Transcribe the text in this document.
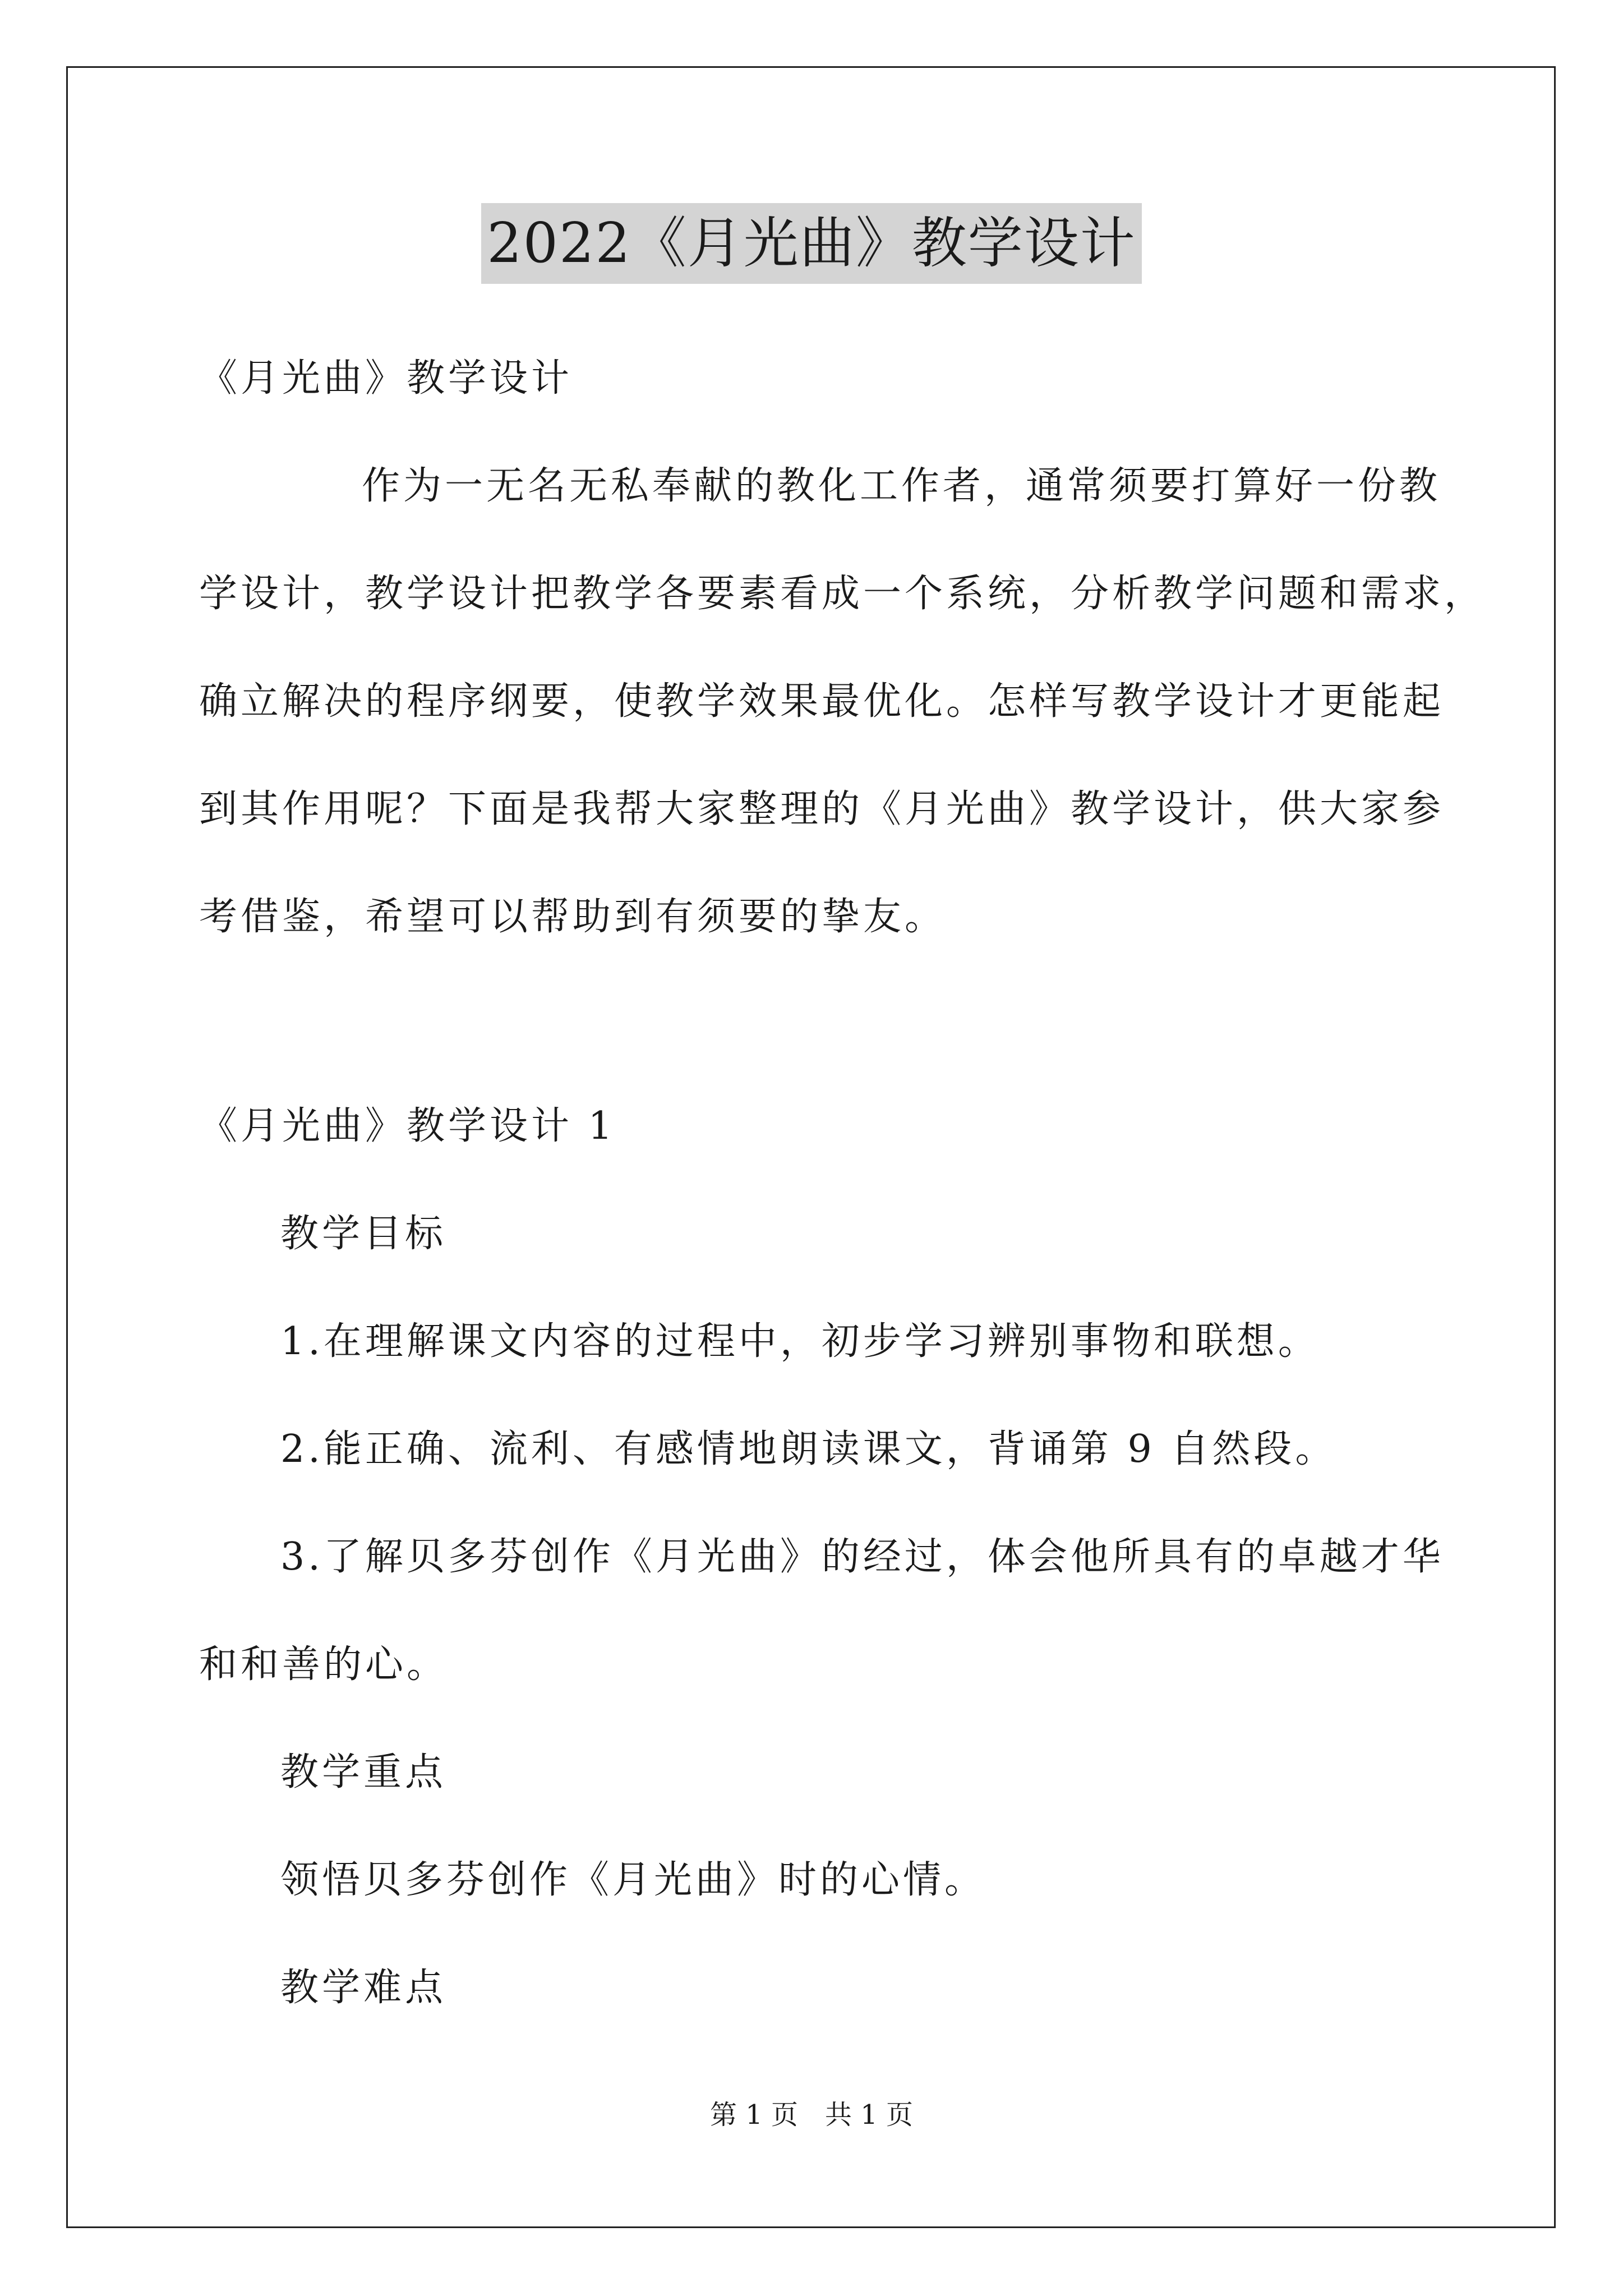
2022《月光曲》教学设计
《月光曲》教学设计
作为一无名无私奉献的教化工作者，通常须要打算好一份教
学设计，教学设计把教学各要素看成一个系统，分析教学问题和需求，
确立解决的程序纲要，使教学效果最优化。怎样写教学设计才更能起
到其作用呢？下面是我帮大家整理的《月光曲》教学设计，供大家参
考借鉴，希望可以帮助到有须要的挚友。
《月光曲》教学设计 1
教学目标
1.在理解课文内容的过程中，初步学习辨别事物和联想。
2.能正确、流利、有感情地朗读课文，背诵第 9 自然段。
3.了解贝多芬创作《月光曲》的经过，体会他所具有的卓越才华
和和善的心。
教学重点
领悟贝多芬创作《月光曲》时的心情。
教学难点
第 1 页　共 1 页
